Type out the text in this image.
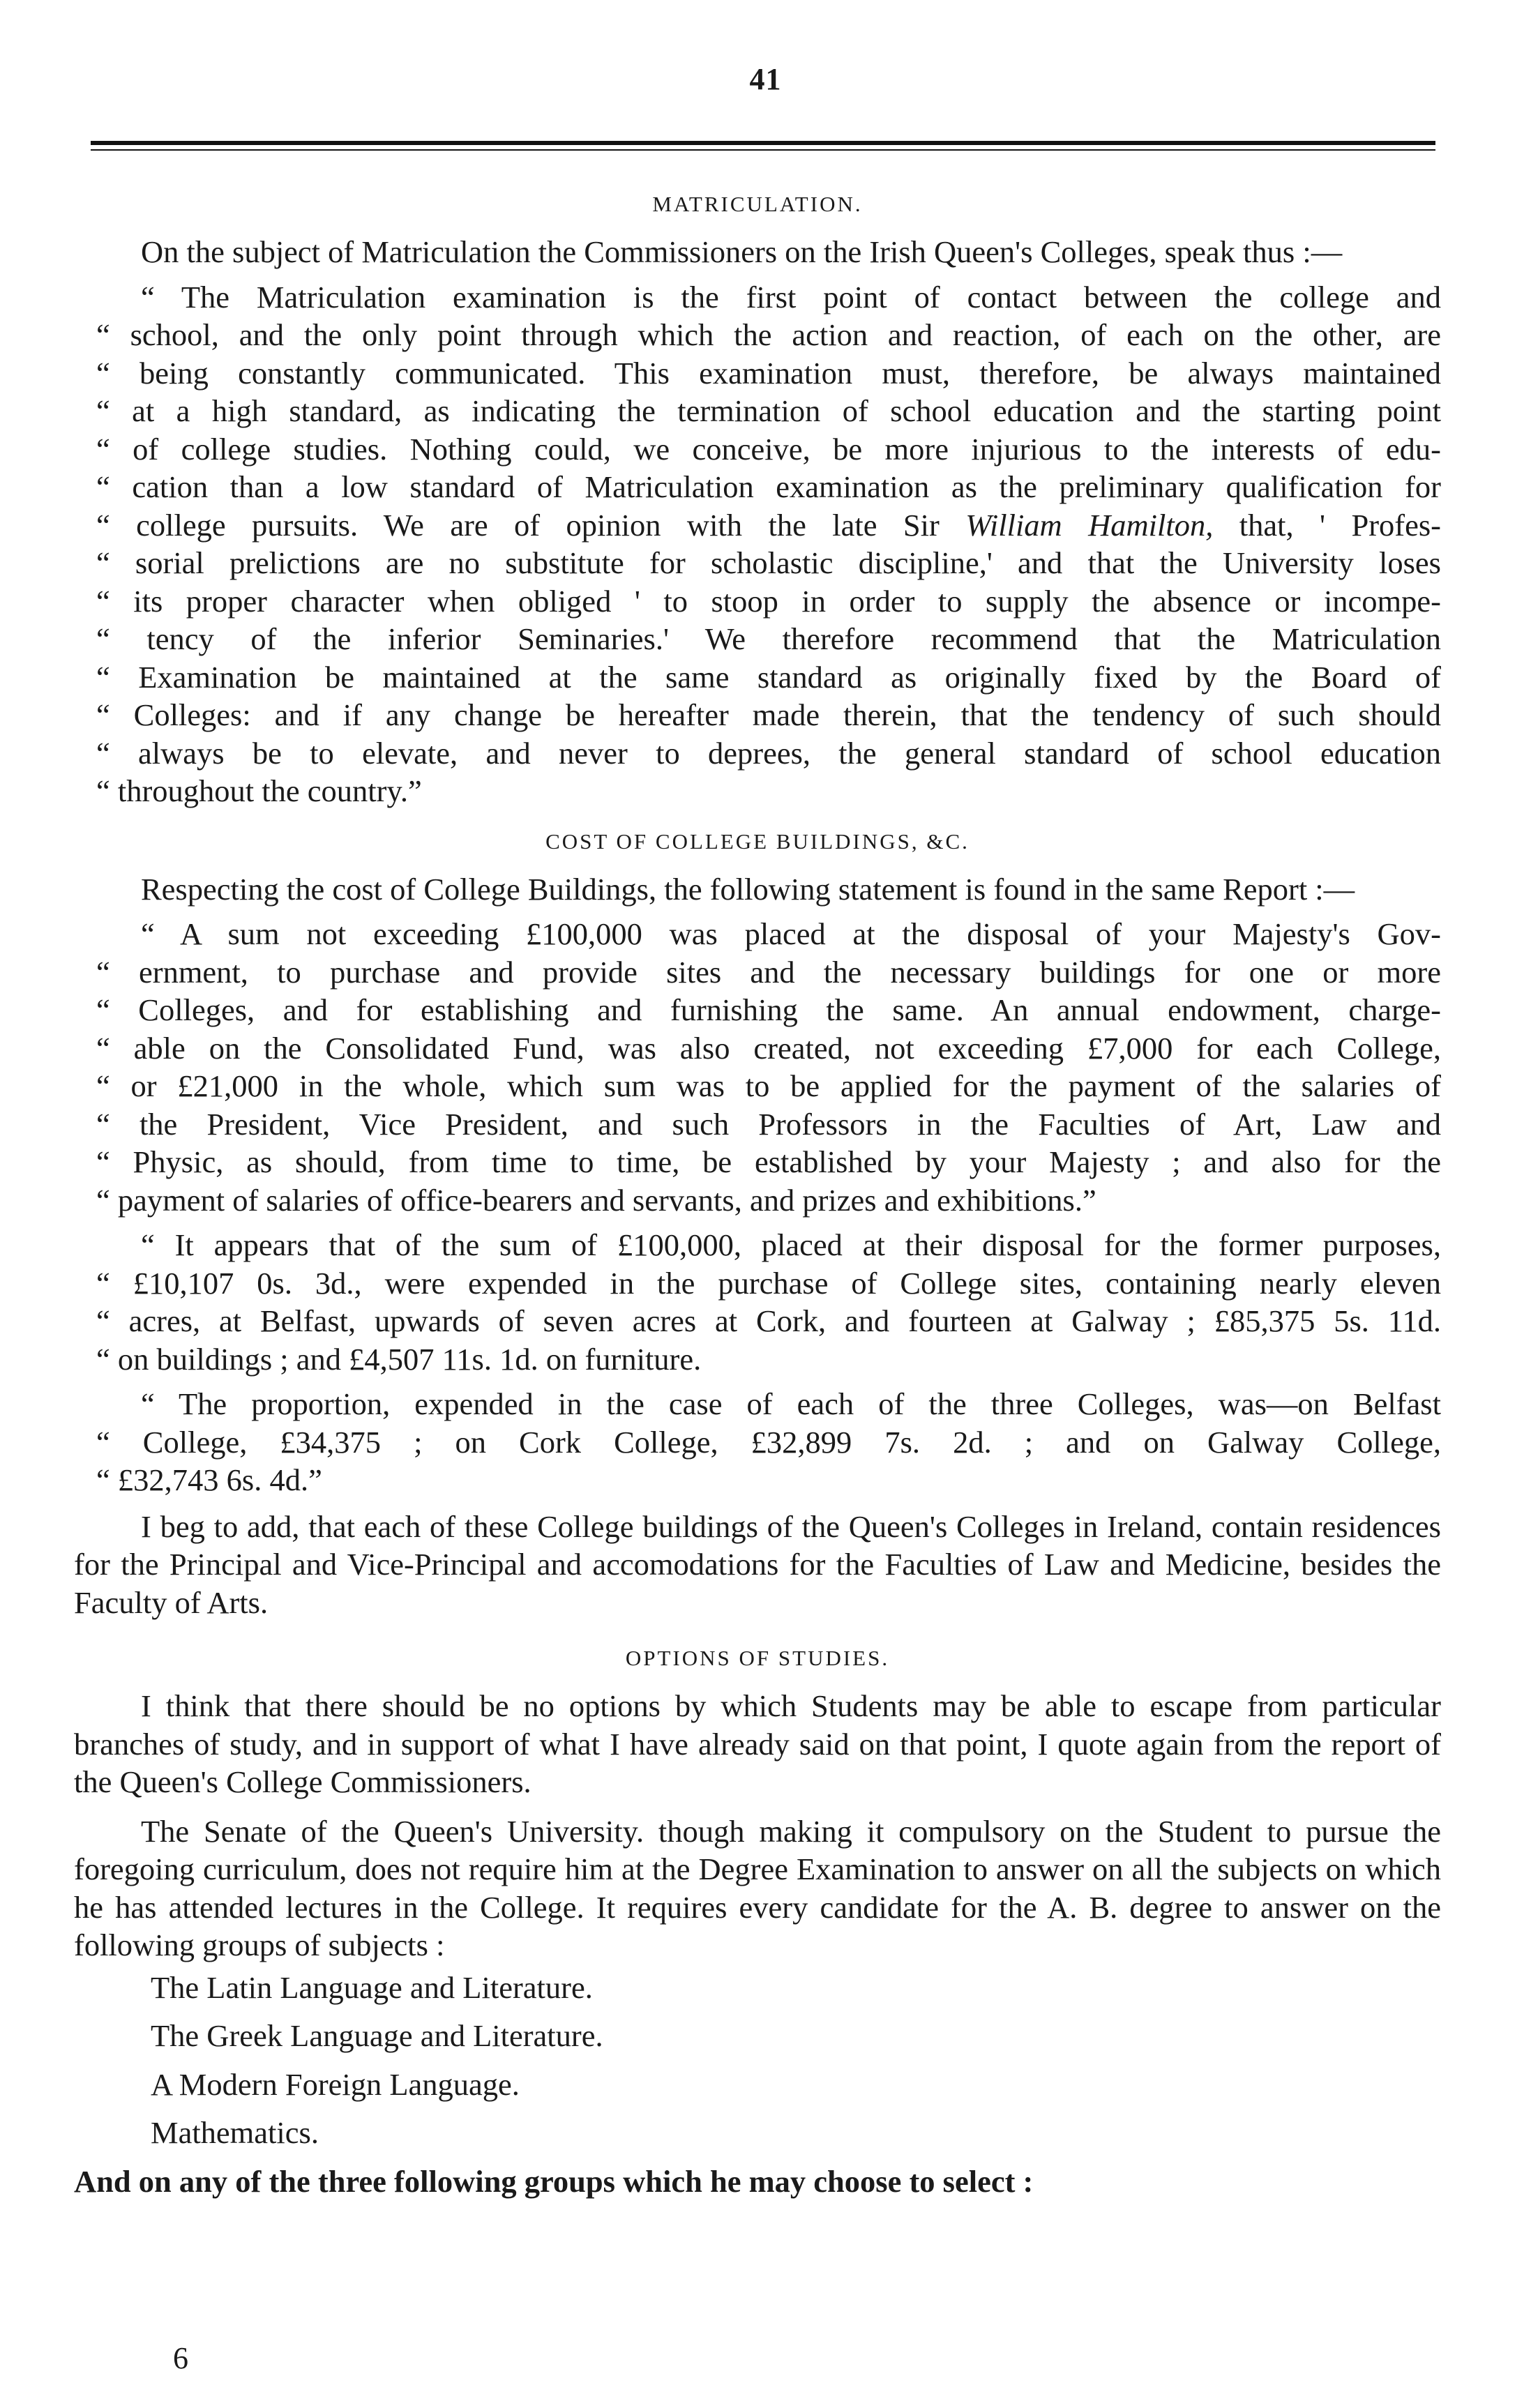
41
MATRICULATION.

On the subject of Matriculation the Commissioners on the Irish Queen's Colleges, speak thus :—

“ The Matriculation examination is the first point of contact between the college and
“ school, and the only point through which the action and reaction, of each on the other, are
“ being constantly communicated. This examination must, therefore, be always maintained
“ at a high standard, as indicating the termination of school education and the starting point
“ of college studies. Nothing could, we conceive, be more injurious to the interests of edu-
“ cation than a low standard of Matriculation examination as the preliminary qualification for
“ college pursuits. We are of opinion with the late Sir William Hamilton, that, ' Profes-
“ sorial prelictions are no substitute for scholastic discipline,' and that the University loses
“ its proper character when obliged ' to stoop in order to supply the absence or incompe-
“ tency of the inferior Seminaries.' We therefore recommend that the Matriculation
“ Examination be maintained at the same standard as originally fixed by the Board of
“ Colleges: and if any change be hereafter made therein, that the tendency of such should
“ always be to elevate, and never to deprees, the general standard of school education
“ throughout the country.”
COST OF COLLEGE BUILDINGS, &C.

Respecting the cost of College Buildings, the following statement is found in the same Report :—

“ A sum not exceeding £100,000 was placed at the disposal of your Majesty's Gov-
“ ernment, to purchase and provide sites and the necessary buildings for one or more
“ Colleges, and for establishing and furnishing the same. An annual endowment, charge-
“ able on the Consolidated Fund, was also created, not exceeding £7,000 for each College,
“ or £21,000 in the whole, which sum was to be applied for the payment of the salaries of
“ the President, Vice President, and such Professors in the Faculties of Art, Law and
“ Physic, as should, from time to time, be established by your Majesty ; and also for the
“ payment of salaries of office-bearers and servants, and prizes and exhibitions.”
“ It appears that of the sum of £100,000, placed at their disposal for the former purposes,
“ £10,107 0s. 3d., were expended in the purchase of College sites, containing nearly eleven
“ acres, at Belfast, upwards of seven acres at Cork, and fourteen at Galway ; £85,375 5s. 11d.
“ on buildings ; and £4,507 11s. 1d. on furniture.
“ The proportion, expended in the case of each of the three Colleges, was—on Belfast
“ College, £34,375 ; on Cork College, £32,899 7s. 2d. ; and on Galway College,
“ £32,743 6s. 4d.”

I beg to add, that each of these College buildings of the Queen's Colleges in Ireland, contain residences for the Principal and Vice-Principal and accomodations for the Faculties of Law and Medicine, besides the Faculty of Arts.

OPTIONS OF STUDIES.

I think that there should be no options by which Students may be able to escape from particular branches of study, and in support of what I have already said on that point, I quote again from the report of the Queen's College Commissioners.

The Senate of the Queen's University. though making it compulsory on the Student to pursue the foregoing curriculum, does not require him at the Degree Examination to answer on all the subjects on which he has attended lectures in the College. It requires every candidate for the A. B. degree to answer on the following groups of subjects :

The Latin Language and Literature.
The Greek Language and Literature.
A Modern Foreign Language.
Mathematics.

And on any of the three following groups which he may choose to select :

6
